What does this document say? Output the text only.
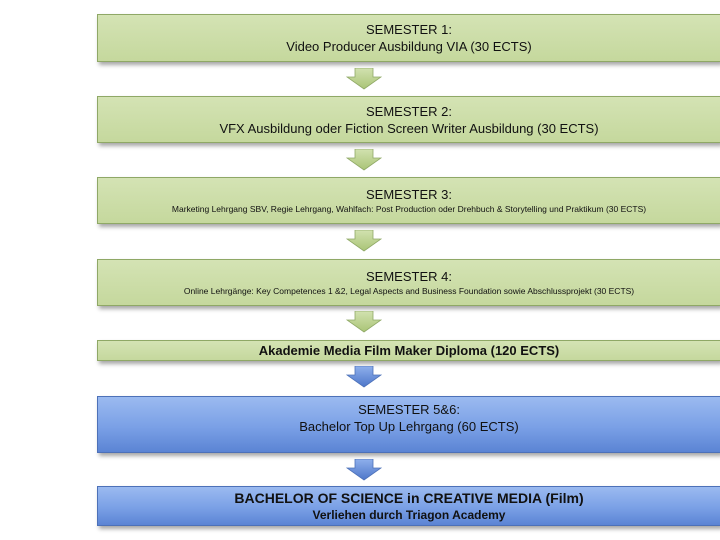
SEMESTER 1:
Video Producer Ausbildung VIA (30 ECTS)
SEMESTER 2:
VFX Ausbildung oder Fiction Screen Writer Ausbildung (30 ECTS)
SEMESTER 3:
Marketing Lehrgang SBV, Regie Lehrgang, Wahlfach: Post Production oder Drehbuch & Storytelling und Praktikum (30 ECTS)
SEMESTER 4:
Online Lehrgänge: Key Competences 1 &2, Legal Aspects and Business Foundation sowie Abschlussprojekt (30 ECTS)
Akademie Media Film Maker Diploma (120 ECTS)
SEMESTER 5&6:
Bachelor Top Up Lehrgang (60 ECTS)
BACHELOR OF SCIENCE in CREATIVE MEDIA (Film)
Verliehen durch Triagon Academy
